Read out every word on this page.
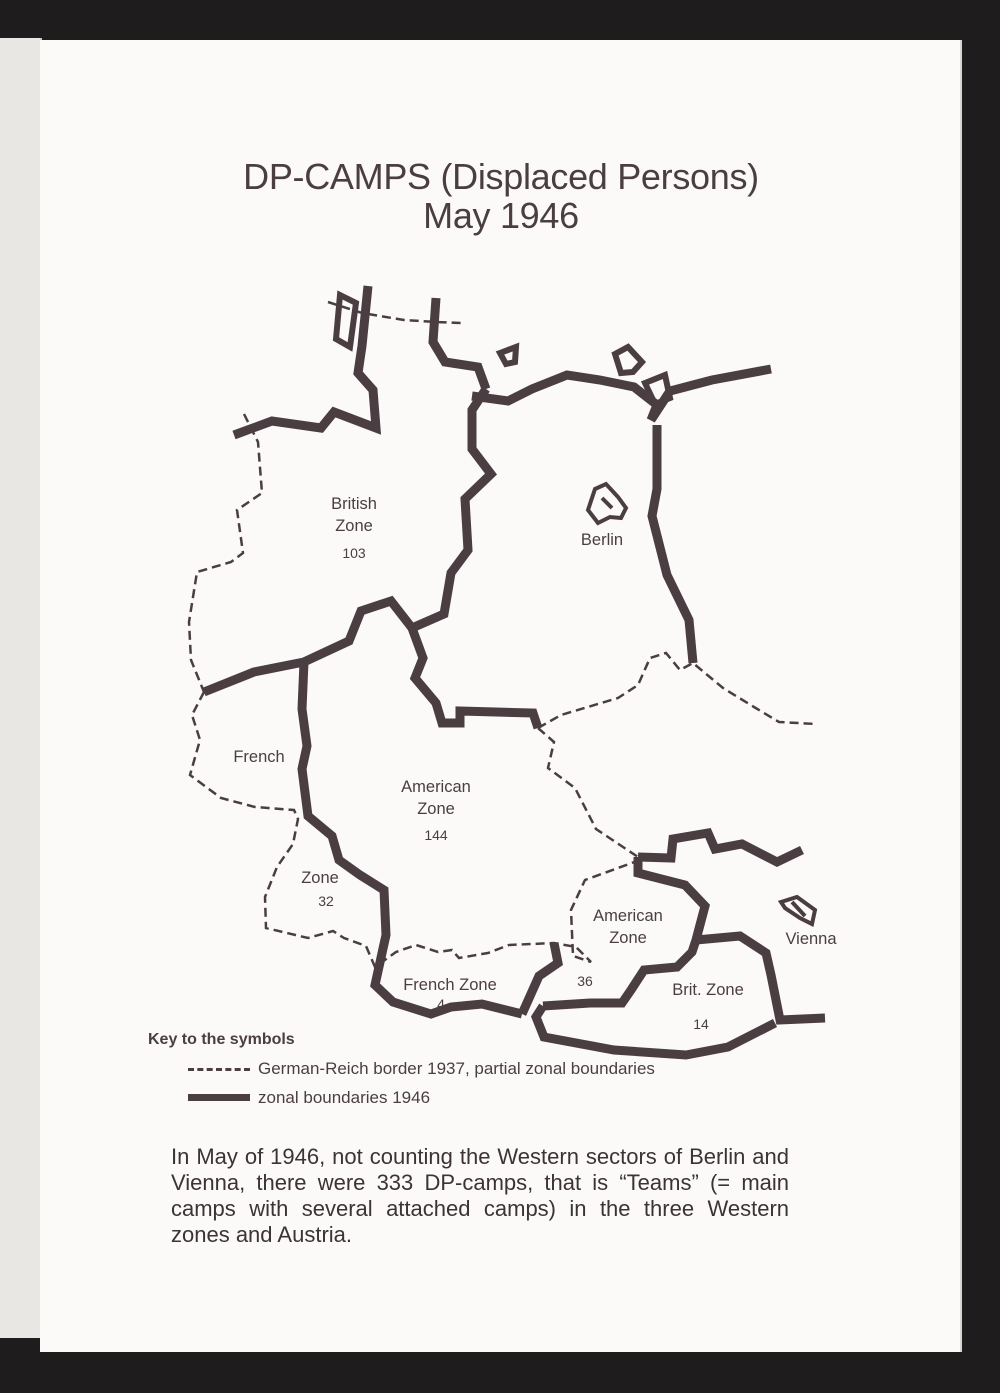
DP-CAMPS (Displaced Persons)
May 1946
British
Zone
103
Berlin
French
Zone
32
American
Zone
144
American
Zone
36
French Zone
4
Brit. Zone
14
Vienna
Key to the symbols
German-Reich border 1937, partial zonal boundaries
zonal boundaries 1946
In May of 1946, not counting the Western sectors of Berlin and Vienna, there were 333 DP-camps, that is “Teams” (= main camps with several attached camps) in the three Western zones and Austria.
